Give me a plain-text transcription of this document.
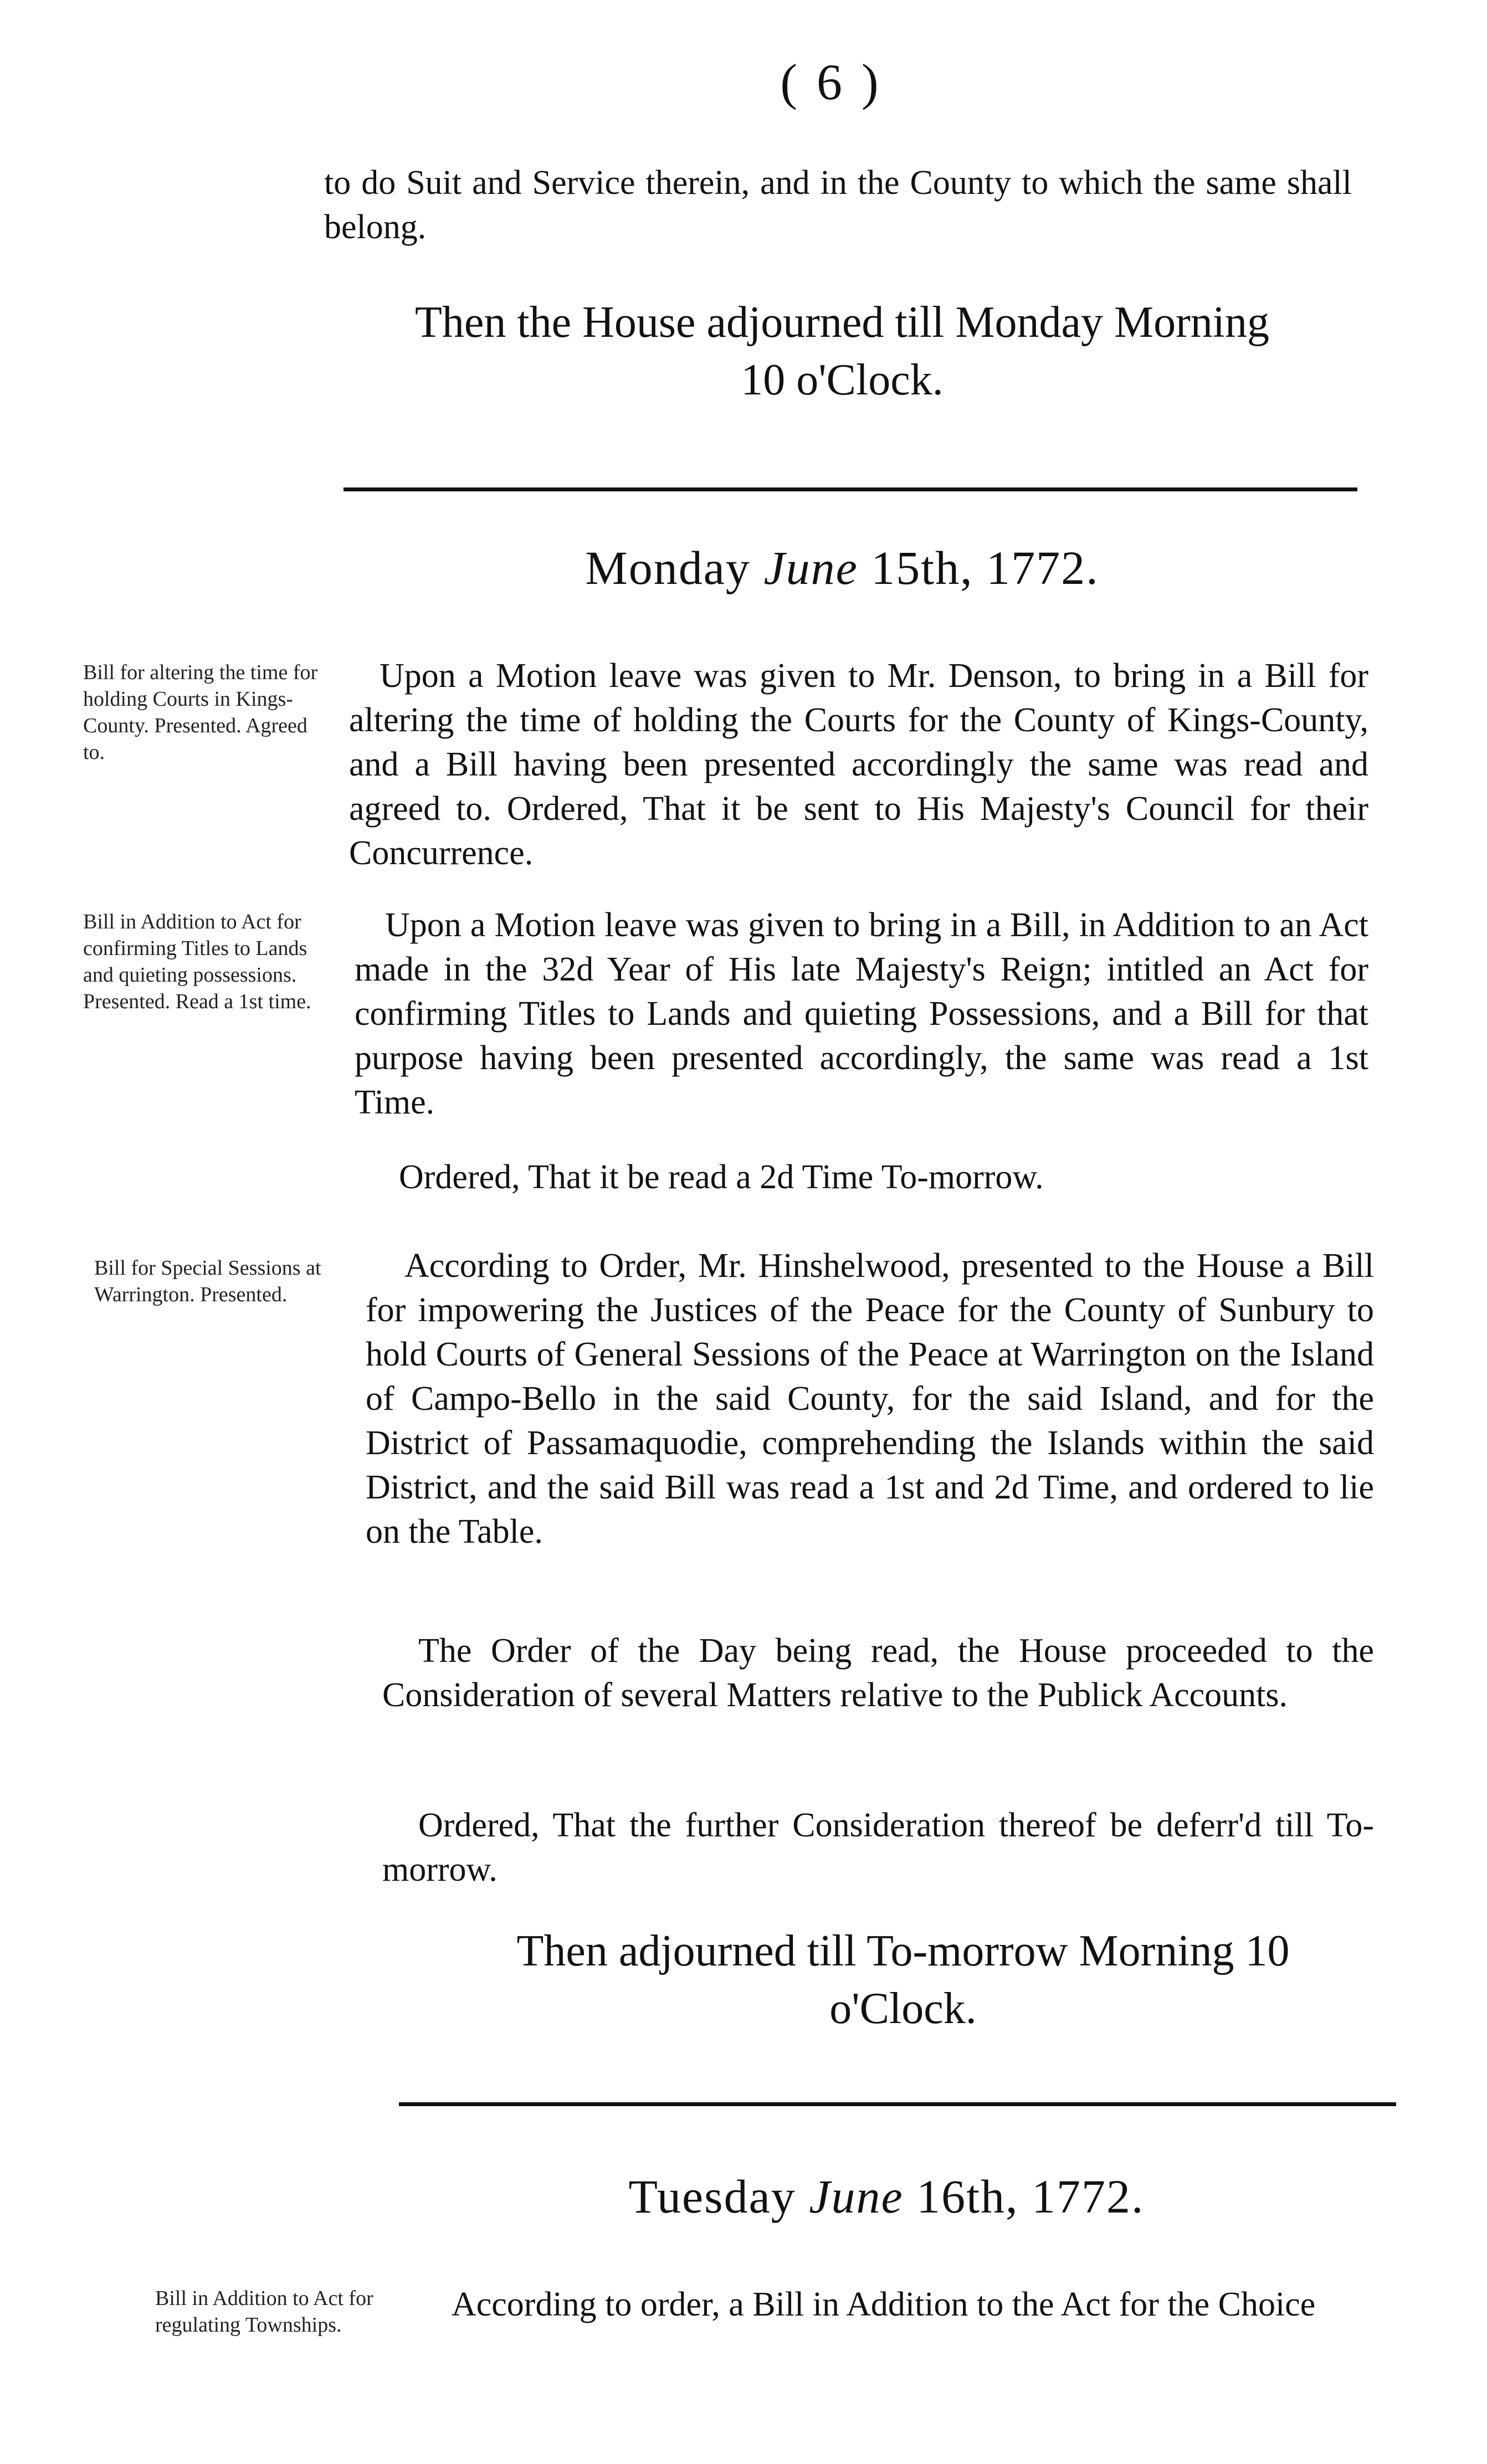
( 6 )

to do Suit and Service therein, and in the County to which the same shall belong.

Then the House adjourned till Monday Morning
10 o'Clock.
Monday June 15th, 1772.
Bill for altering the time for holding Courts in Kings-County. Presented. Agreed to.
Upon a Motion leave was given to Mr. Denson, to bring in a Bill for altering the time of holding the Courts for the County of Kings-County, and a Bill having been presented accordingly the same was read and agreed to. Ordered, That it be sent to His Majesty's Council for their Concurrence.
Bill in Addition to Act for confirming Titles to Lands and quieting possessions. Presented. Read a 1st time.
Upon a Motion leave was given to bring in a Bill, in Addition to an Act made in the 32d Year of His late Majesty's Reign; intitled an Act for confirming Titles to Lands and quieting Possessions, and a Bill for that purpose having been presented accordingly, the same was read a 1st Time.
Ordered, That it be read a 2d Time To-morrow.
Bill for Special Sessions at Warrington. Presented.
According to Order, Mr. Hinshelwood, presented to the House a Bill for impowering the Justices of the Peace for the County of Sunbury to hold Courts of General Sessions of the Peace at Warrington on the Island of Campo-Bello in the said County, for the said Island, and for the District of Passamaquodie, comprehending the Islands within the said District, and the said Bill was read a 1st and 2d Time, and ordered to lie on the Table.
The Order of the Day being read, the House proceeded to the Consideration of several Matters relative to the Publick Accounts.
Ordered, That the further Consideration thereof be deferr'd till To-morrow.
Then adjourned till To-morrow Morning 10
o'Clock.
Tuesday June 16th, 1772.
Bill in Addition to Act for regulating Townships.
According to order, a Bill in Addition to the Act for the Choice
